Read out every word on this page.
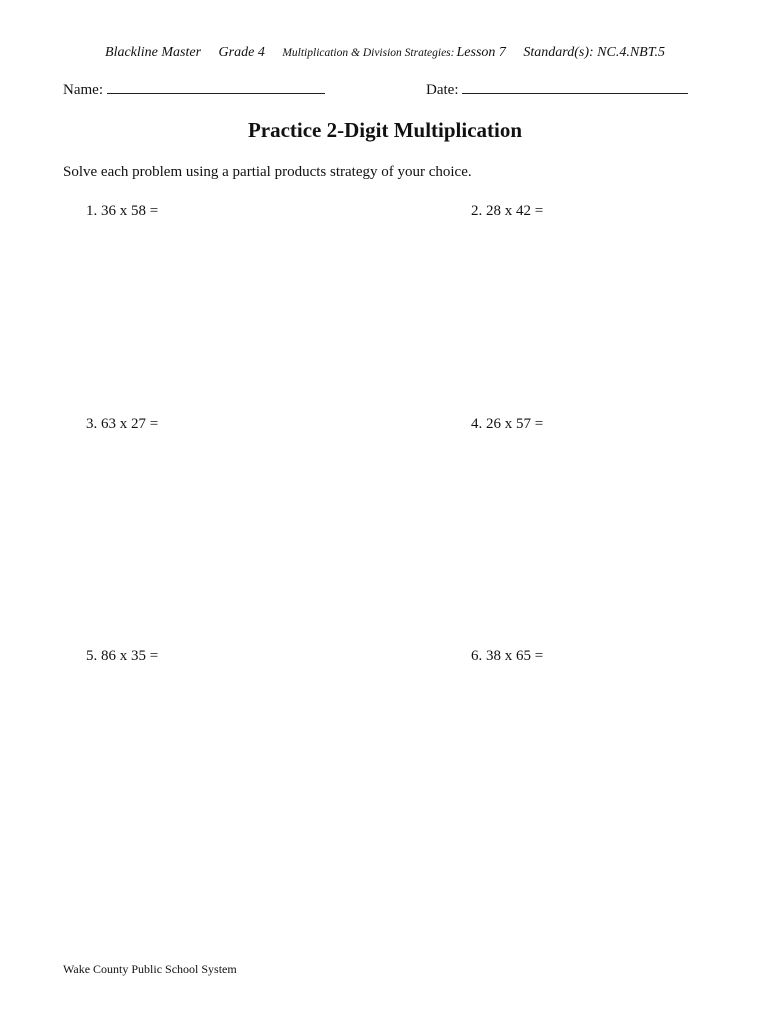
Blackline Master Grade 4 Multiplication & Division Strategies: Lesson 7 Standard(s): NC.4.NBT.5
Name:	Date:
Practice 2-Digit Multiplication
Solve each problem using a partial products strategy of your choice.
1. 36 x 58 =	2. 28 x 42 =
3. 63 x 27 =	4. 26 x 57 =
5. 86 x 35 =	6. 38 x 65 =
Wake County Public School System
